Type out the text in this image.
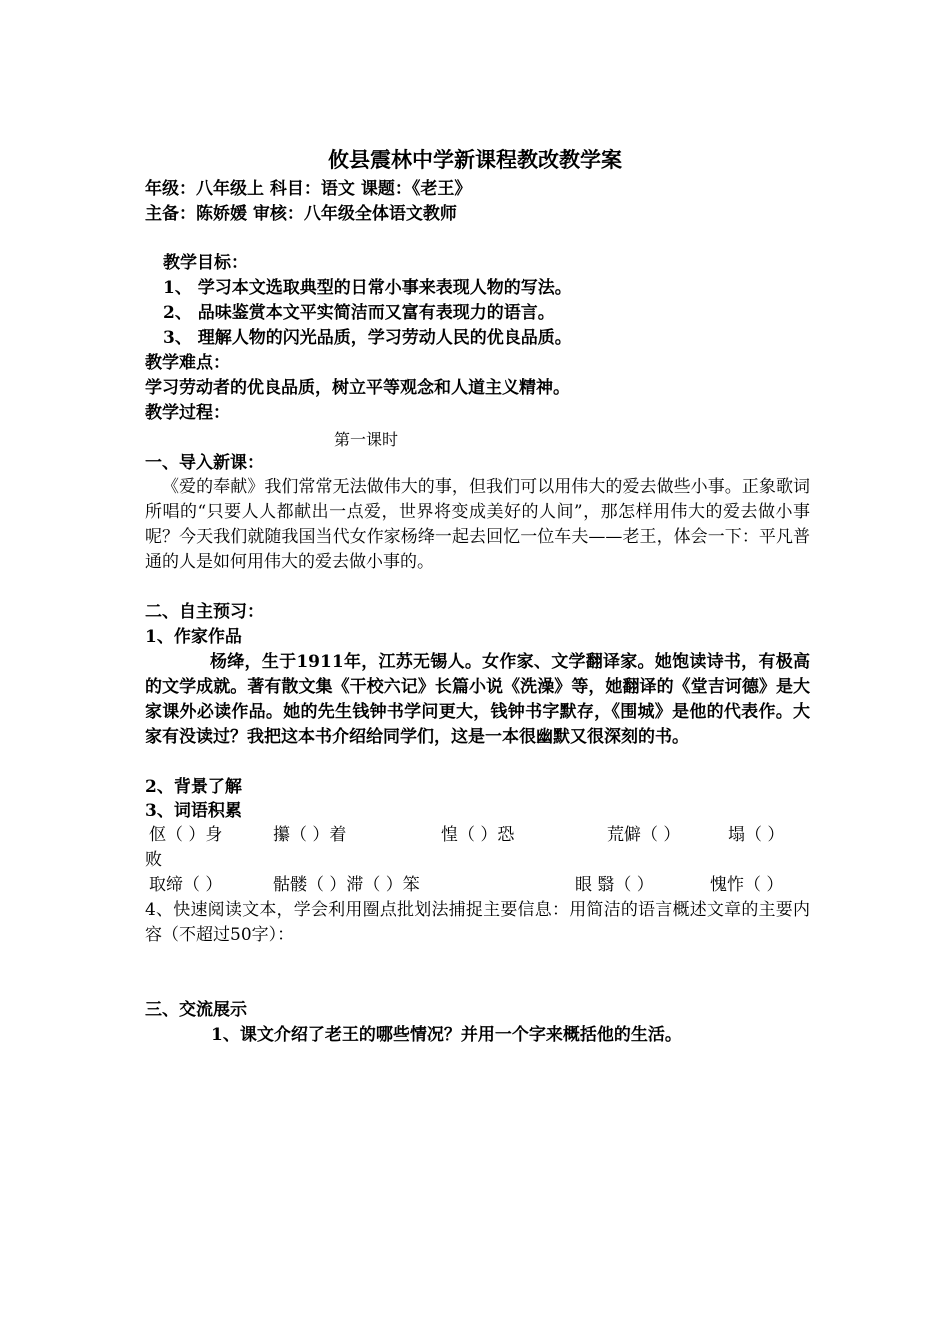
攸县震林中学新课程教改教学案
年级：八年级上 科目：语文 课题：《老王》
主备：陈娇媛 审核：八年级全体语文教师
教学目标：
1、 学习本文选取典型的日常小事来表现人物的写法。
2、 品味鉴赏本文平实简洁而又富有表现力的语言。
3、 理解人物的闪光品质，学习劳动人民的优良品质。
教学难点：
学习劳动者的优良品质，树立平等观念和人道主义精神。
教学过程：
第一课时
一、导入新课：
《爱的奉献》我们常常无法做伟大的事，但我们可以用伟大的爱去做些小事。正象歌词所唱的“只要人人都献出一点爱，世界将变成美好的人间”，那怎样用伟大的爱去做小事呢？今天我们就随我国当代女作家杨绛一起去回忆一位车夫——老王，体会一下：平凡普通的人是如何用伟大的爱去做小事的。
二、自主预习：
1、作家作品
杨绛，生于1911年，江苏无锡人。女作家、文学翻译家。她饱读诗书，有极高的文学成就。著有散文集《干校六记》长篇小说《洗澡》等，她翻译的《堂吉诃德》是大家课外必读作品。她的先生钱钟书学问更大，钱钟书字默存，《围城》是他的代表作。大家有没读过？我把这本书介绍给同学们，这是一本很幽默又很深刻的书。
2、背景了解
3、词语积累
伛（ ）身	攥（ ）着	惶（ ）恐	荒僻（ ）	塌（ ）
败
取缔（ ）	骷髅（ ）滞（ ）笨	眼 翳（ ）	愧怍（ ）
4、快速阅读文本，学会利用圈点批划法捕捉主要信息：用简洁的语言概述文章的主要内容（不超过50字）：
三、交流展示
1、课文介绍了老王的哪些情况？并用一个字来概括他的生活。
